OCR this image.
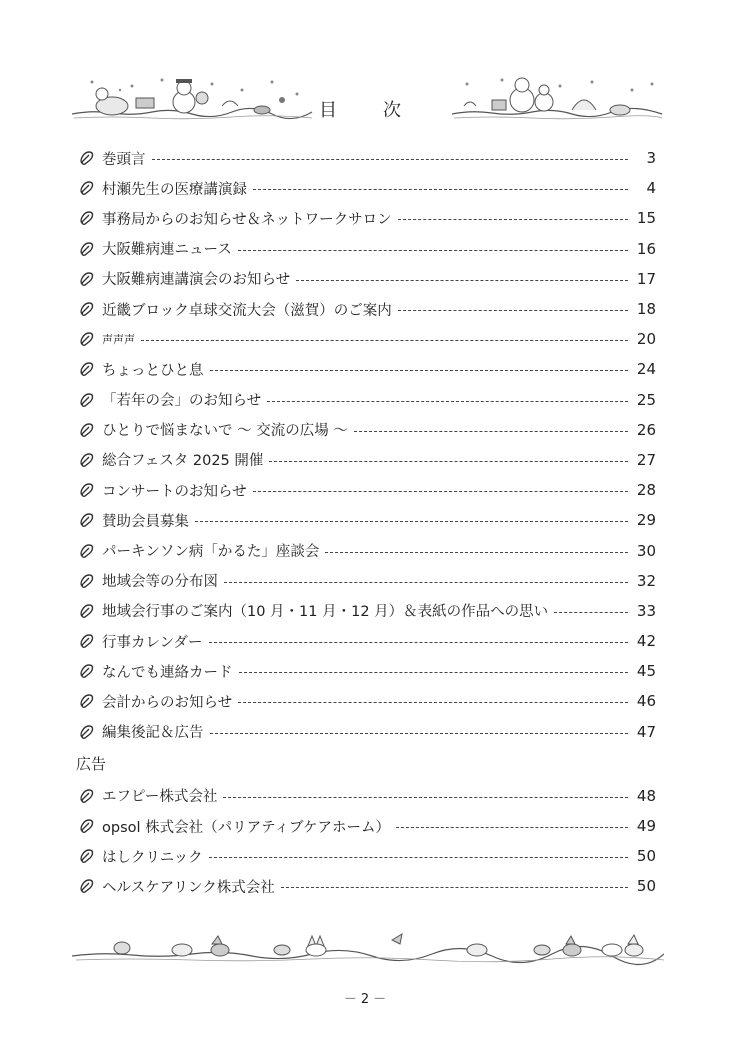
目　次
巻頭言	3
村瀬先生の医療講演録	4
事務局からのお知らせ＆ネットワークサロン	15
大阪難病連ニュース	16
大阪難病連講演会のお知らせ	17
近畿ブロック卓球交流大会（滋賀）のご案内	18
声声声	20
ちょっとひと息	24
「若年の会」のお知らせ	25
ひとりで悩まないで ～ 交流の広場 ～	26
総合フェスタ 2025 開催	27
コンサートのお知らせ	28
賛助会員募集	29
パーキンソン病「かるた」座談会	30
地域会等の分布図	32
地域会行事のご案内（10 月・11 月・12 月）＆表紙の作品への思い	33
行事カレンダー	42
なんでも連絡カード	45
会計からのお知らせ	46
編集後記＆広告	47
広告
エフピー株式会社	48
opsol 株式会社（パリアティブケアホーム）	49
はしクリニック	50
ヘルスケアリンク株式会社	50
－2－
